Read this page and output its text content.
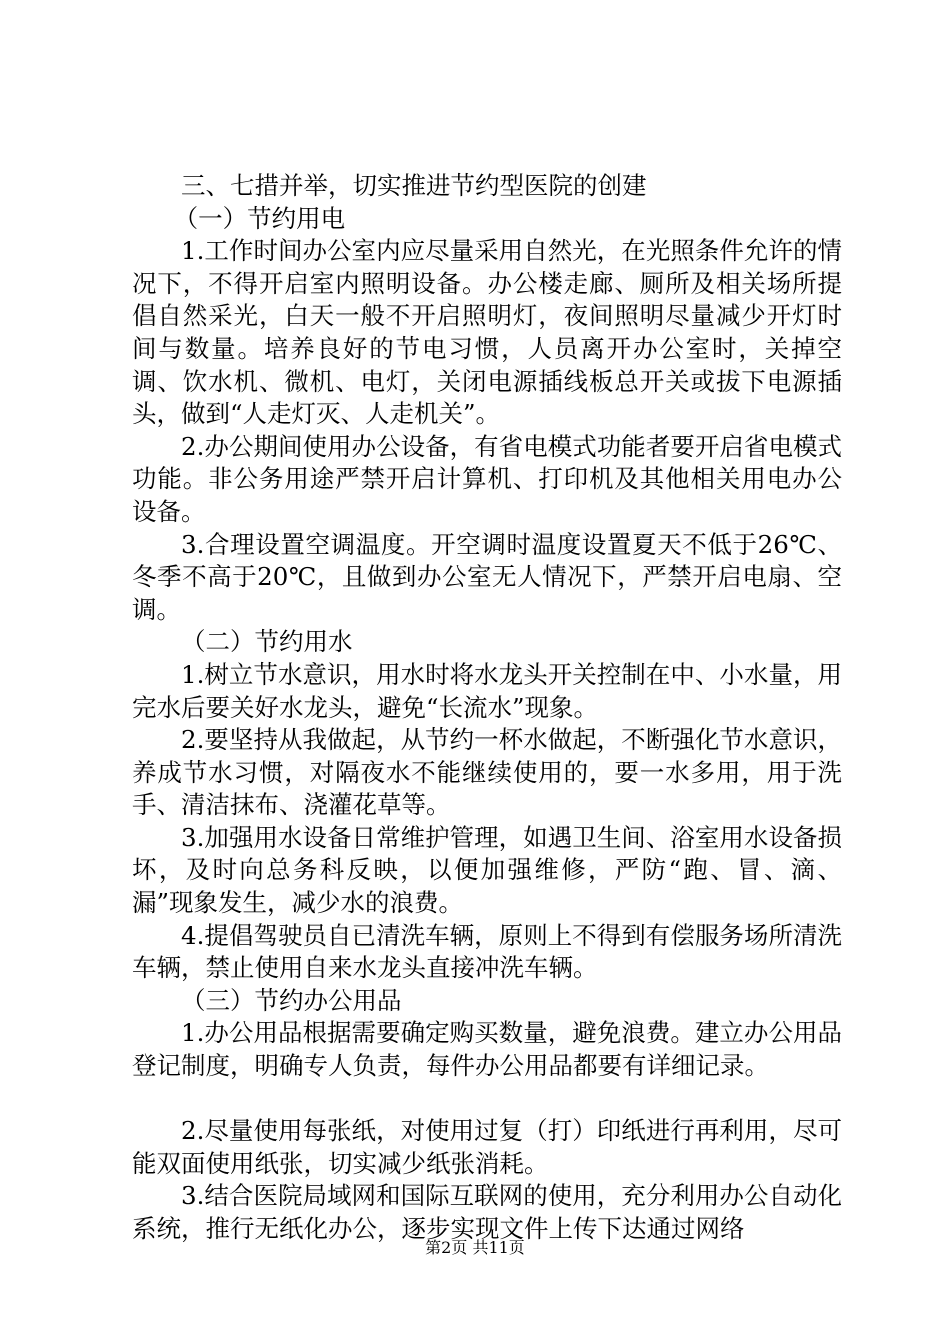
三、七措并举，切实推进节约型医院的创建

（一）节约用电

1.工作时间办公室内应尽量采用自然光，在光照条件允许的情况下，不得开启室内照明设备。办公楼走廊、厕所及相关场所提倡自然采光，白天一般不开启照明灯，夜间照明尽量减少开灯时间与数量。培养良好的节电习惯，人员离开办公室时，关掉空调、饮水机、微机、电灯，关闭电源插线板总开关或拔下电源插头，做到“人走灯灭、人走机关”。

2.办公期间使用办公设备，有省电模式功能者要开启省电模式功能。非公务用途严禁开启计算机、打印机及其他相关用电办公设备。

3.合理设置空调温度。开空调时温度设置夏天不低于26℃、冬季不高于20℃，且做到办公室无人情况下，严禁开启电扇、空调。

（二）节约用水

1.树立节水意识，用水时将水龙头开关控制在中、小水量，用完水后要关好水龙头，避免“长流水”现象。

2.要坚持从我做起，从节约一杯水做起，不断强化节水意识，养成节水习惯，对隔夜水不能继续使用的，要一水多用，用于洗手、清洁抹布、浇灌花草等。

3.加强用水设备日常维护管理，如遇卫生间、浴室用水设备损坏，及时向总务科反映，以便加强维修，严防“跑、冒、滴、漏”现象发生，减少水的浪费。

4.提倡驾驶员自已清洗车辆，原则上不得到有偿服务场所清洗车辆，禁止使用自来水龙头直接冲洗车辆。

（三）节约办公用品

1.办公用品根据需要确定购买数量，避免浪费。建立办公用品登记制度，明确专人负责，每件办公用品都要有详细记录。

2.尽量使用每张纸，对使用过复（打）印纸进行再利用，尽可能双面使用纸张，切实减少纸张消耗。

3.结合医院局域网和国际互联网的使用，充分利用办公自动化系统，推行无纸化办公，逐步实现文件上传下达通过网络

第2页 共11页
